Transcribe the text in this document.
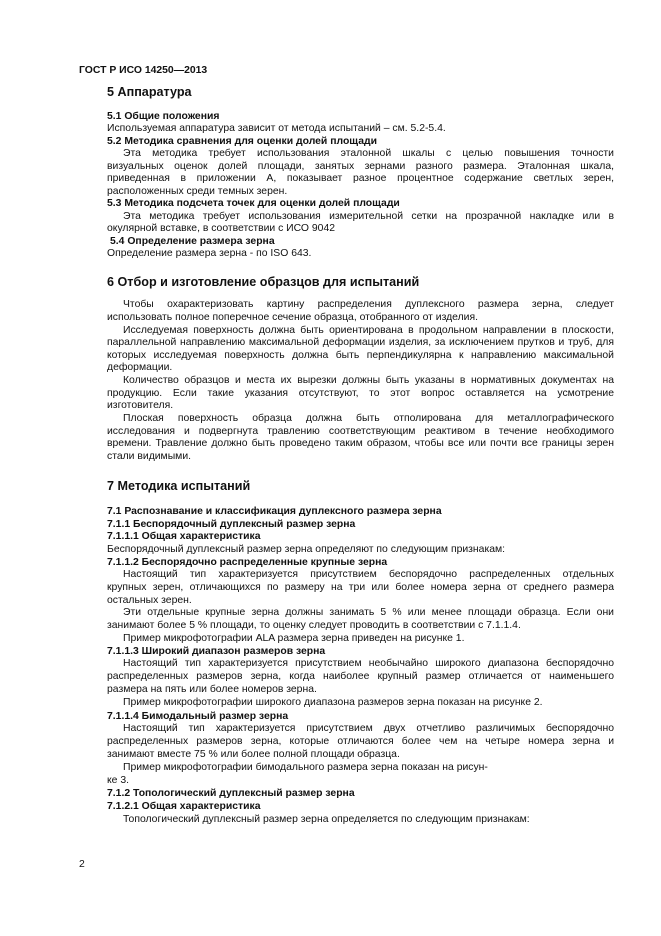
ГОСТ Р ИСО 14250—2013
5 Аппаратура
5.1 Общие положения
Используемая аппаратура зависит от метода испытаний – см. 5.2-5.4.
5.2 Методика сравнения для оценки долей площади
Эта методика требует использования эталонной шкалы с целью повышения точности
визуальных оценок долей площади, занятых зернами разного размера. Эталонная шкала,
приведенная в приложении А, показывает разное процентное содержание светлых зерен,
расположенных среди темных зерен.
5.3 Методика подсчета точек для оценки долей площади
Эта методика требует использования измерительной сетки на прозрачной накладке или в
окулярной вставке, в соответствии с ИСО 9042
5.4 Определение размера зерна
Определение размера зерна - по ISO 643.
6 Отбор и изготовление образцов для испытаний
Чтобы охарактеризовать картину распределения дуплексного размера зерна, следует
использовать полное поперечное сечение образца, отобранного от изделия.
Исследуемая поверхность должна быть ориентирована в продольном направлении в плоскости,
параллельной направлению максимальной деформации изделия, за исключением прутков и труб, для
которых исследуемая поверхность должна быть перпендикулярна к направлению максимальной
деформации.
Количество образцов и места их вырезки должны быть указаны в нормативных документах на
продукцию. Если такие указания отсутствуют, то этот вопрос оставляется на усмотрение
изготовителя.
Плоская поверхность образца должна быть отполирована для металлографического
исследования и подвергнута травлению соответствующим реактивом в течение необходимого
времени. Травление должно быть проведено таким образом, чтобы все или почти все границы зерен
стали видимыми.
7 Методика испытаний
7.1 Распознавание и классификация дуплексного размера зерна
7.1.1 Беспорядочный дуплексный размер зерна
7.1.1.1 Общая характеристика
Беспорядочный дуплексный размер зерна определяют по следующим признакам:
7.1.1.2 Беспорядочно распределенные крупные зерна
Настоящий тип характеризуется присутствием беспорядочно распределенных отдельных
крупных зерен, отличающихся по размеру на три или более номера зерна от среднего размера
остальных зерен.
Эти отдельные крупные зерна должны занимать 5 % или менее площади образца. Если они
занимают более 5 % площади, то оценку следует проводить в соответствии с 7.1.1.4.
Пример микрофотографии ALA размера зерна приведен на рисунке 1.
7.1.1.3 Широкий диапазон размеров зерна
Настоящий тип характеризуется присутствием необычайно широкого диапазона беспорядочно
распределенных размеров зерна, когда наиболее крупный размер отличается от наименьшего
размера на пять или более номеров зерна.
Пример микрофотографии широкого диапазона размеров зерна показан на рисунке 2.
7.1.1.4 Бимодальный размер зерна
Настоящий тип характеризуется присутствием двух отчетливо различимых беспорядочно
распределенных размеров зерна, которые отличаются более чем на четыре номера зерна и
занимают вместе 75 % или более полной площади образца.
Пример микрофотографии бимодального размера зерна показан на рисун-
ке 3.
7.1.2 Топологический дуплексный размер зерна
7.1.2.1 Общая характеристика
Топологический дуплексный размер зерна определяется по следующим признакам:
2
